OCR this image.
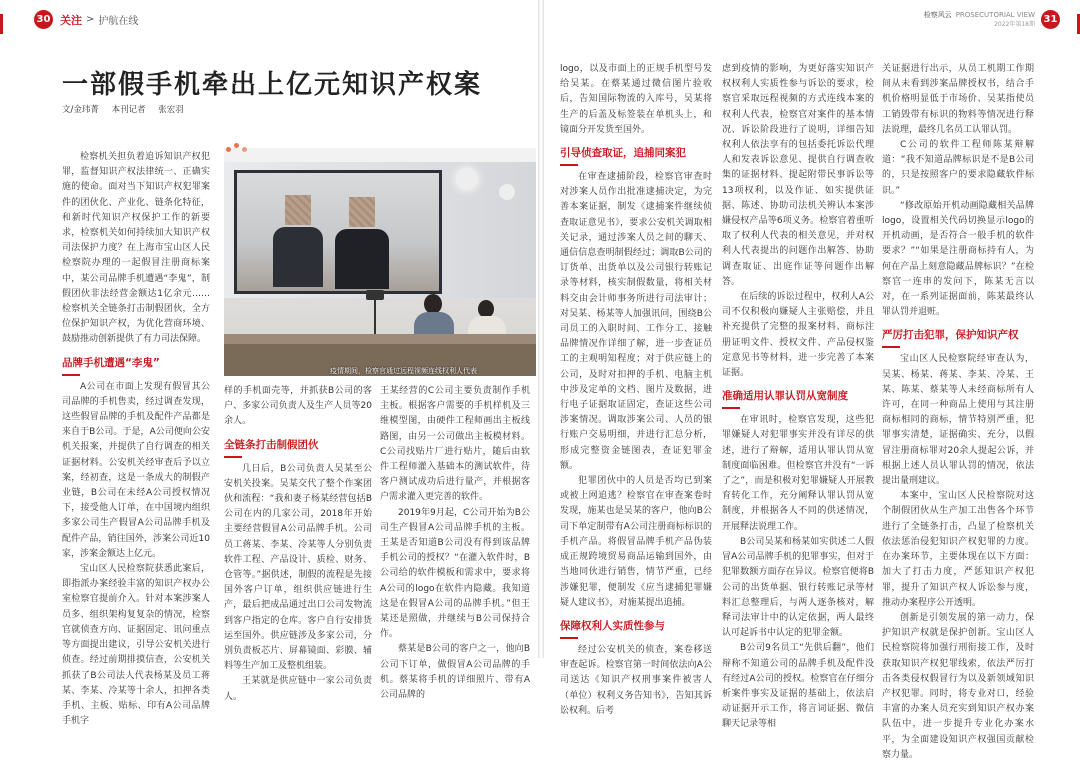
30 关注 > 护航在线
一部假手机牵出上亿元知识产权案
文/金玮菁 本刊记者 张宏羽

检察机关担负着追诉知识产权犯罪，监督知识产权法律统一、正确实施的使命。面对当下知识产权犯罪案件的团伙化、产业化、链条化特征，和新时代知识产权保护工作的新要求，检察机关如何持续加大知识产权司法保护力度？在上海市宝山区人民检察院办理的一起假冒注册商标案中，某公司品牌手机遭遇“李鬼”，制假团伙非法经营金额达1亿余元……检察机关全链条打击制假团伙，全方位保护知识产权，为优化营商环境、鼓励推动创新提供了有力司法保障。

品牌手机遭遇“李鬼”

A公司在市面上发现有假冒其公司品牌的手机售卖，经过调查发现，这些假冒品牌的手机及配件产品都是来自于B公司。于是，A公司便向公安机关报案，并提供了自行调查的相关证据材料。公安机关经审查后予以立案，经初查，这是一条成大的制假产业链，B公司在未经A公司授权情况下，接受他人订单，在中国境内组织多家公司生产假冒A公司品牌手机及配件产品，销往国外，涉案公司近10家，涉案金额达上亿元。

宝山区人民检察院获悉此案后，即指派办案经验丰富的知识产权办公室检察官提前介入。针对本案涉案人员多、组织架构复复杂的情况，检察官就侦查方向、证据固定、讯问重点等方面提出建议，引导公安机关进行侦查。经过前期排摸信查，公安机关抓获了B公司法人代表杨某及员工蒋某、李某、冷某等十余人，扣押各类手机、主板、贴标、印有A公司品牌手机字

疫情期间，检察官通过远程视频连线权利人代表

样的手机面壳等，并抓获B公司的客户、多家公司负责人及生产人员等20余人。

全链条打击制假团伙

几日后，B公司负责人吴某至公安机关投案。吴某交代了整个作案团伙和流程：“我和妻子杨某经营包括B公司在内的几家公司，2018年开始主要经营假冒A公司品牌手机。公司员工蒋某、李某、冷某等人分别负责软件工程、产品设计、质检、财务、仓管等。”据供述，制假的流程是先接国外客户订单，组织供应链进行生产，最后把成品通过出口公司发物流到客户指定的仓库。客户自行安排货运至国外。供应链涉及多家公司，分别负责板芯片、屏幕镜面、彩膜、辅料等生产加工及整机组装。

王某就是供应链中一家公司负责人。

王某经营的C公司主要负责制作手机主板。根据客户需要的手机样机及三维模型图，由硬件工程师画出主板线路图，由另一公司做出主板模材料。C公司找贴片厂进行贴片，随后由软件工程师灌入基础本的测试软件，待客户测试成功后进行量产，并根据客户需求灌入更完善的软件。

2019年9月起，C公司开始为B公司生产假冒A公司品牌手机的主板。王某是否知道B公司没有得到该品牌手机公司的授权？“在灌入软件时，B公司给的软件模板和需求中，要求将A公司的logo在软件内隐藏。我知道这是在假冒A公司的品牌手机。”但王某还是照做，并继续与B公司保持合作。

蔡某是B公司的客户之一，他向B公司下订单，做假冒A公司品牌的手机。蔡某将手机的详细照片、带有A公司品牌的

检察风云 PROSECUTORIAL VIEW
2022年第18期 31

logo，以及市面上的正规手机型号发给吴某。在蔡某通过微信图片验收后，告知国际物流的入库号，吴某将生产的后盖及标签装在单机头上，和镜面分开发货至国外。

引导侦查取证，追捕同案犯

在审查逮捕阶段，检察官审查时对涉案人员作出批准逮捕决定，为完善本案证据，制发《逮捕案件继续侦查取证意见书》，要求公安机关调取相关记录，通过涉案人员之间的聊天、通信信息查明制假经过；调取B公司的订货单、出货单以及公司银行转账记录等材料，核实制假数量，将相关材料交由会计师事务所进行司法审计；对吴某、杨某等人加强讯问，围绕B公司员工的入职时间、工作分工、接触品牌情况作详细了解，进一步查证员工的主观明知程度；对于供应链上的公司，及时对扣押的手机、电脑主机中涉及定单的文档、图片及数据，进行电子证据取证固定，查证这些公司涉案情况。调取涉案公司、人员的银行账户交易明细，并进行汇总分析，形成完整资金链图表，查证犯罪金额。

犯罪团伙中的人员是否均已到案或被上网追逃？检察官在审查案卷时发现，施某也是吴某的客户，他向B公司下单定制带有A公司注册商标标识的手机产品。将假冒品牌手机产品伪装成正规跨境贸易商品运输到国外，由当地同伙进行销售，情节严重，已经涉嫌犯罪，便制发《应当逮捕犯罪嫌疑人建议书》，对施某提出追捕。

保障权利人实质性参与

经过公安机关的侦查，案卷移送审查起诉。检察官第一时间依法向A公司送达《知识产权刑事案件被害人（单位）权利义务告知书》，告知其诉讼权利。后考

虑到疫情的影响，为更好落实知识产权权利人实质性参与诉讼的要求，检察官采取远程视频的方式连线本案的权利人代表，检察官对案件的基本情况、诉讼阶段进行了说明，详细告知权利人依法享有的包括委托诉讼代理人和发表诉讼意见、提供自行调查收集的证据材料、提起附带民事诉讼等13项权利，以及作证、如实提供证据、陈述、协助司法机关辨认本案涉嫌侵权产品等6项义务。检察官着重听取了权利人代表的相关意见，并对权利人代表提出的问题作出解答、协助调查取证、出庭作证等问题作出解答。

在后续的诉讼过程中，权利人A公司不仅积极向嫌疑人主张赔偿，并且补充提供了完整的报案材料、商标注册证明文件、授权文件、产品侵权鉴定意见书等材料，进一步完善了本案证据。

准确适用认罪认罚从宽制度

在审讯时，检察官发现，这些犯罪嫌疑人对犯罪事实并没有详尽的供述，进行了辩解，适用认罪认罚从宽制度面临困难。但检察官并没有“一诉了之”，而是积极对犯罪嫌疑人开展教育转化工作，充分阐释认罪认罚从宽制度，并根据各人不同的供述情况，开展释法说理工作。

B公司吴某和杨某如实供述二人假冒A公司品牌手机的犯罪事实，但对于犯罪数额方面存在异议。检察官便将B公司的出货单据、银行转账记录等材料汇总整理后，与两人逐条核对，解释司法审计中的认定依据，两人最终认可起诉书中认定的犯罪金额。

B公司9名员工“先供后翻”，他们辩称不知道公司的品牌手机及配件没有经过A公司的授权。检察官在仔细分析案件事实及证据的基础上，依法启动证据开示工作，将言词证据、微信聊天记录等相

关证据进行出示，从员工机期工作期间从未看到涉案品牌授权书，结合手机价格明显低于市场价、吴某指使员工销毁带有标识的物料等情况进行释法说理，最终几名员工认罪认罚。

C公司的软件工程师陈某辩解道：“我不知道品牌标识是不是B公司的，只是按照客户的要求隐藏软件标识。”

“修改原始开机动画隐藏相关品牌logo，设置相关代码切换显示logo的开机动画，是否符合一般手机的软件要求？”“如果是注册商标持有人，为何在产品上刻意隐藏品牌标识？”在检察官一连串的发问下，陈某无言以对，在一系列证据面前，陈某最终认罪认罚并退赃。

严厉打击犯罪，保护知识产权

宝山区人民检察院经审查认为，吴某、杨某、蒋某、李某、冷某、王某、陈某、蔡某等人未经商标所有人许可，在同一种商品上使用与其注册商标相同的商标，情节特别严重，犯罪事实清楚，证据确实、充分，以假冒注册商标罪对20余人提起公诉，并根据上述人员认罪认罚的情况，依法提出量刑建议。

本案中，宝山区人民检察院对这个制假团伙从生产加工出售各个环节进行了全链条打击，凸显了检察机关依法惩治侵犯知识产权犯罪的力度。在办案环节，主要体现在以下方面：加大了打击力度，严惩知识产权犯罪，提升了知识产权人诉讼参与度，推动办案程序公开透明。

创新是引领发展的第一动力，保护知识产权就是保护创新。宝山区人民检察院将加强行刑衔接工作，及时获取知识产权犯罪线索，依法严厉打击各类侵权假冒行为以及新领域知识产权犯罪。同时，将专业对口，经验丰富的办案人员充实到知识产权办案队伍中，进一步提升专业化办案水平，为全面建设知识产权强国贡献检察力量。
